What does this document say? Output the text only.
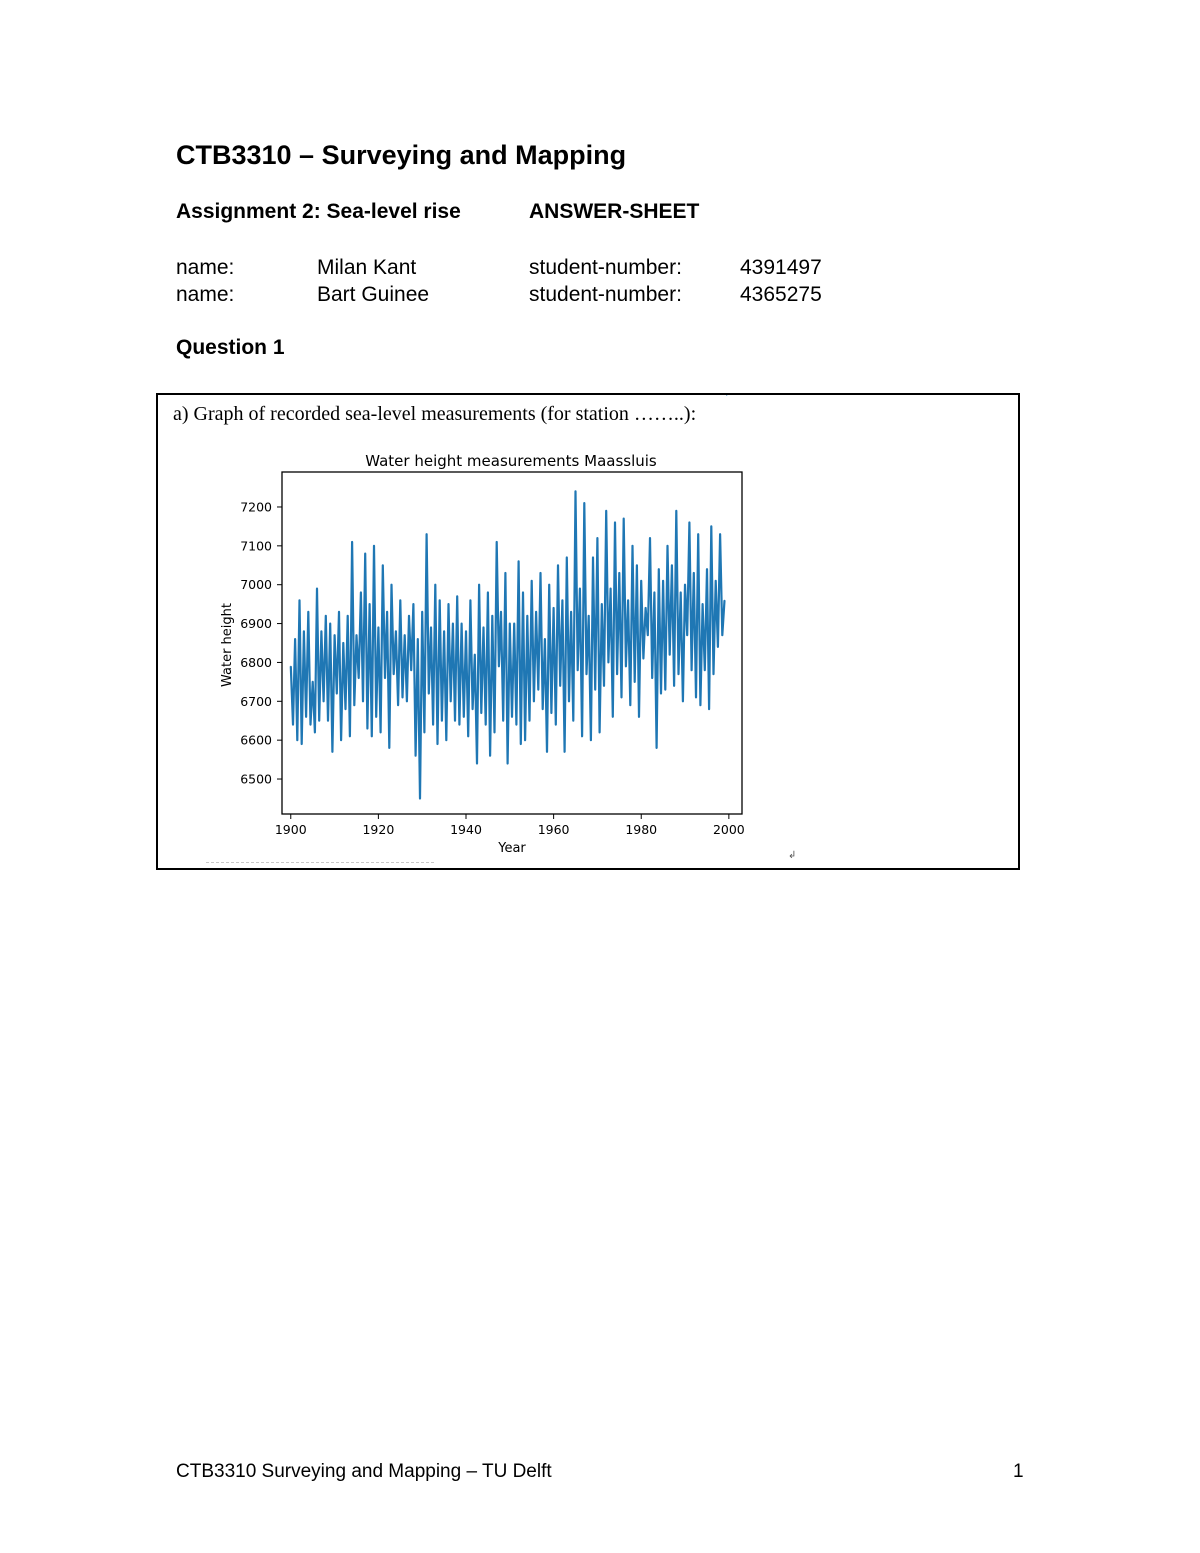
CTB3310 – Surveying and Mapping
Assignment 2: Sea-level rise	ANSWER-SHEET
name:	Milan Kant	student-number:	4391497
name:	Bart Guinee	student-number:	4365275
Question 1
a) Graph of recorded sea-level measurements (for station ……..):
Water height measurements Maassluis
6500
6600
6700
6800
6900
7000
7100
7200
1900	1920	1940	1960	1980	2000
Year
Water height
↲
CTB3310 Surveying and Mapping – TU Delft	1
